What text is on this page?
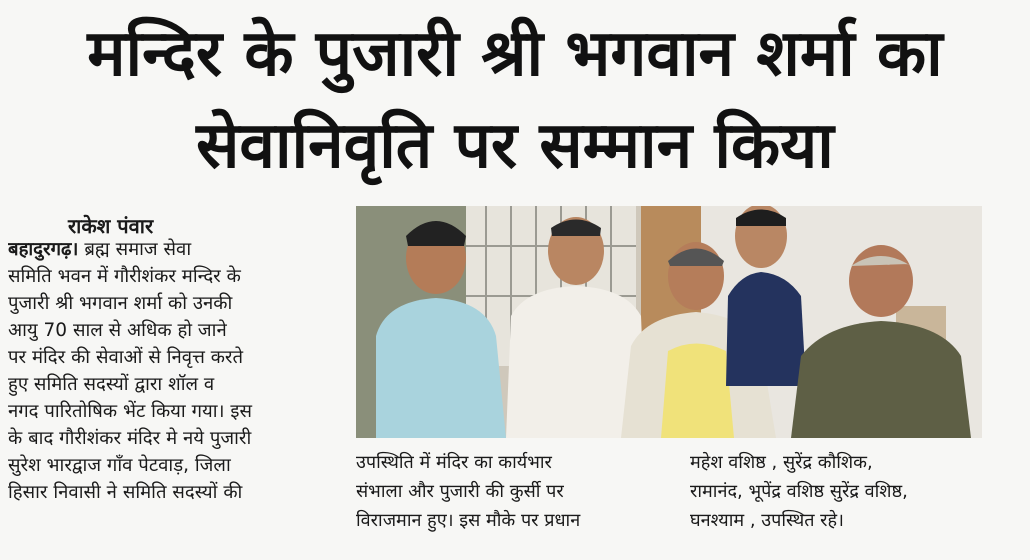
मन्दिर के पुजारी श्री भगवान शर्मा का
सेवानिवृति पर सम्मान किया
राकेश पंवार
बहादुरगढ़। ब्रह्म समाज सेवा
समिति भवन में गौरीशंकर मन्दिर के
पुजारी श्री भगवान शर्मा को उनकी
आयु 70 साल से अधिक हो जाने
पर मंदिर की सेवाओं से निवृत्त करते
हुए समिति सदस्यों द्वारा शॉल व
नगद पारितोषिक भेंट किया गया। इस
के बाद गौरीशंकर मंदिर मे नये पुजारी
सुरेश भारद्वाज गाँव पेटवाड़, जिला
हिसार निवासी ने समिति सदस्यों की
उपस्थिति में मंदिर का कार्यभार
संभाला और पुजारी की कुर्सी पर
विराजमान हुए। इस मौके पर प्रधान
महेश वशिष्ठ , सुरेंद्र कौशिक,
रामानंद, भूपेंद्र वशिष्ठ सुरेंद्र वशिष्ठ,
घनश्याम , उपस्थित रहे।
